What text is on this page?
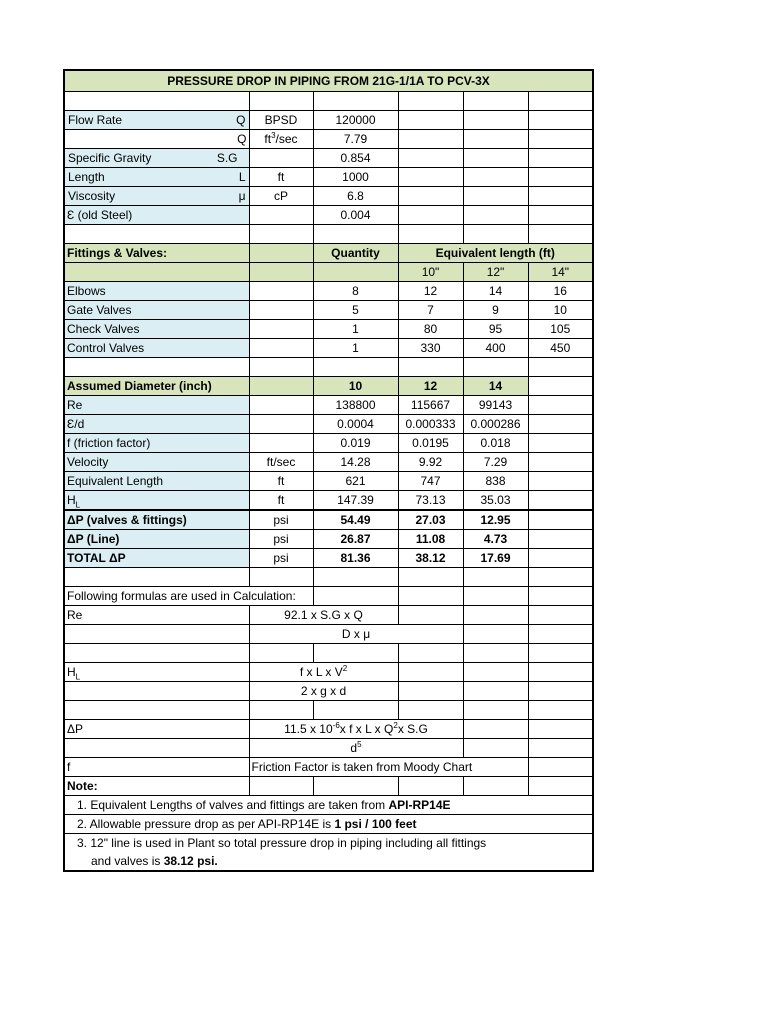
PRESSURE DROP IN PIPING FROM 21G-1/1A TO PCV-3X					

Flow Rate Q	BPSD	120000			
Q	$ft^3/\sec$	7.79			

Specific Gravity S.G		0.854			

Length L	ft	1000			

Viscosity μ	cP	6.8			
Ɛ (old Steel)		0.004			

Fittings & Valves:		Quantity	Equivalent length (ft)		
			10"	12"	14"
Elbows		8	12	14	16
Gate Valves		5	7	9	10
Check Valves		1	80	95	105
Control Valves		1	330	400	450

Assumed Diameter (inch)		10	12	14	
Re		138800	115667	99143	
Ɛ/d		0.0004	0.000333	0.000286	
f (friction factor)		0.019	0.0195	0.018	
Velocity	ft/sec	14.28	9.92	7.29	
Equivalent Length	ft	621	747	838	
$H_L$	ft	147.39	73.13	35.03	
ΔP (valves & fittings)	psi	54.49	27.03	12.95	
ΔP (Line)	psi	26.87	11.08	4.73	
TOTAL ΔP	psi	81.36	38.12	17.69	

Following formulas are used in Calculation:					
Re	92.1 x S.G x Q				
	D x μ				

$H_L$	f x L x $V^2$			
	2 x g x d				

ΔP	11.5 x $10^{-6}x$ f x L x $Q^2x$ S.G				
	$d^5$		
f	Friction Factor is taken from Moody Chart				
Note:					
1. Equivalent Lengths of valves and fittings are taken from API-RP14E					
2. Allowable pressure drop as per API-RP14E is 1 psi / 100 feet					
3. 12" line is used in Plant so total pressure drop in piping including all fittings					
and valves is 38.12 psi.					
